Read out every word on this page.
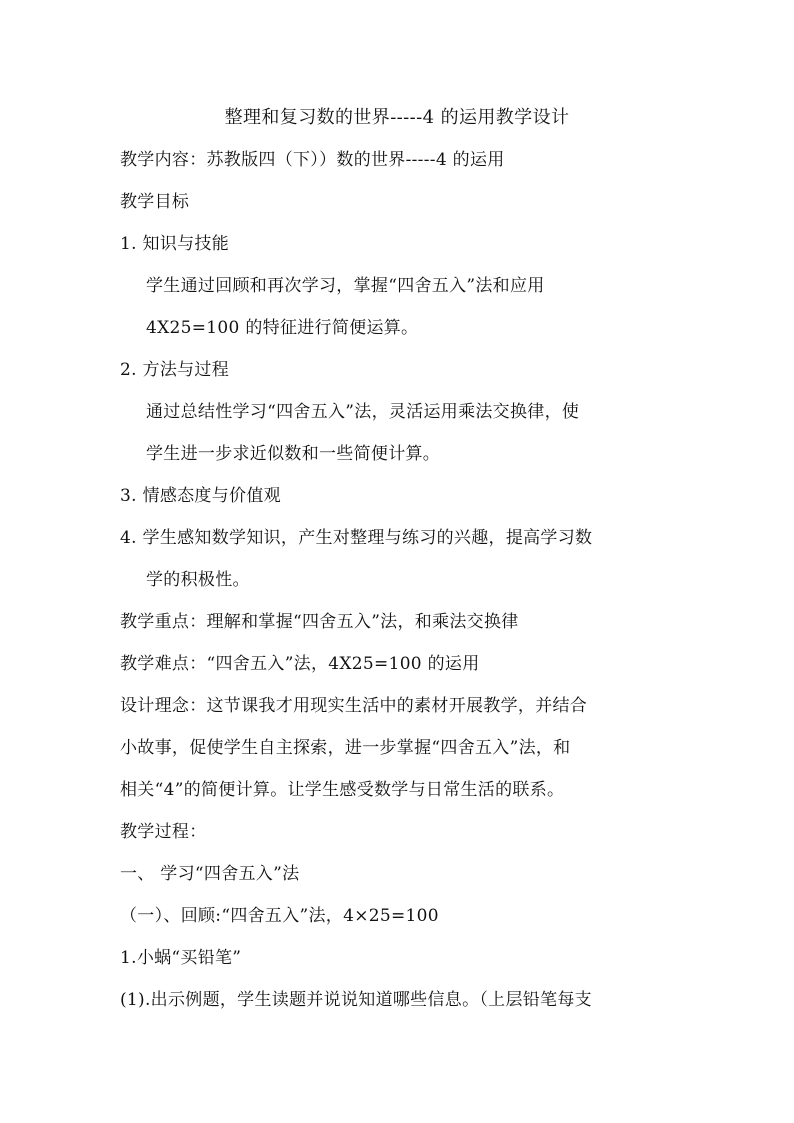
整理和复习数的世界-----4 的运用教学设计
教学内容：苏教版四（下））数的世界-----4 的运用
教学目标
1. 知识与技能
学生通过回顾和再次学习，掌握“四舍五入”法和应用
4X25=100 的特征进行简便运算。
2. 方法与过程
通过总结性学习“四舍五入”法，灵活运用乘法交换律，使
学生进一步求近似数和一些简便计算。
3. 情感态度与价值观
4. 学生感知数学知识，产生对整理与练习的兴趣，提高学习数
学的积极性。
教学重点：理解和掌握“四舍五入”法，和乘法交换律
教学难点：“四舍五入”法，4X25=100 的运用
设计理念：这节课我才用现实生活中的素材开展教学，并结合
小故事，促使学生自主探索，进一步掌握“四舍五入”法，和
相关“4”的简便计算。让学生感受数学与日常生活的联系。
教学过程：
一、 学习“四舍五入”法
（一）、回顾:“四舍五入”法，4×25=100
1.小蜗“买铅笔”
(1).出示例题，学生读题并说说知道哪些信息。（上层铅笔每支
